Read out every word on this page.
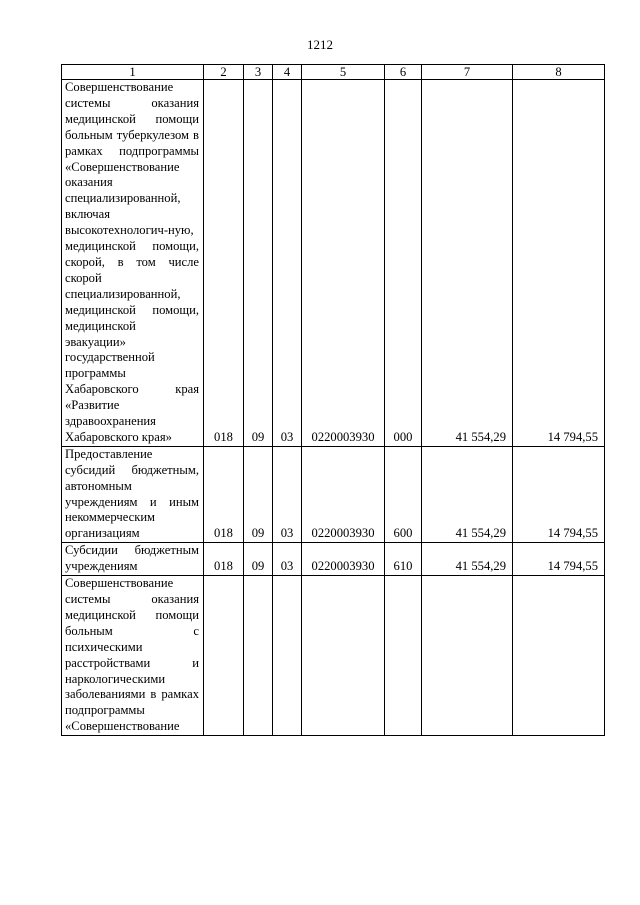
1212
1	2	3	4	5	6	7	8
Совершенствование системы оказания медицинской помощи больным туберкулезом в рамках подпрограммы «Совершенствование оказания специализированной, включая высокотехнологич-ную, медицинской помощи, скорой, в том числе скорой специализированной, медицинской помощи, медицинской эвакуации» государственной программы Хабаровского края «Развитие здравоохранения Хабаровского края»	018	09	03	0220003930	000	41 554,29	14 794,55
Предоставление субсидий бюджетным, автономным учреждениям и иным некоммерческим организациям	018	09	03	0220003930	600	41 554,29	14 794,55
Субсидии бюджетным учреждениям	018	09	03	0220003930	610	41 554,29	14 794,55
Совершенствование системы оказания медицинской помощи больным с психическими расстройствами и наркологическими заболеваниями в рамках подпрограммы «Совершенствование							
